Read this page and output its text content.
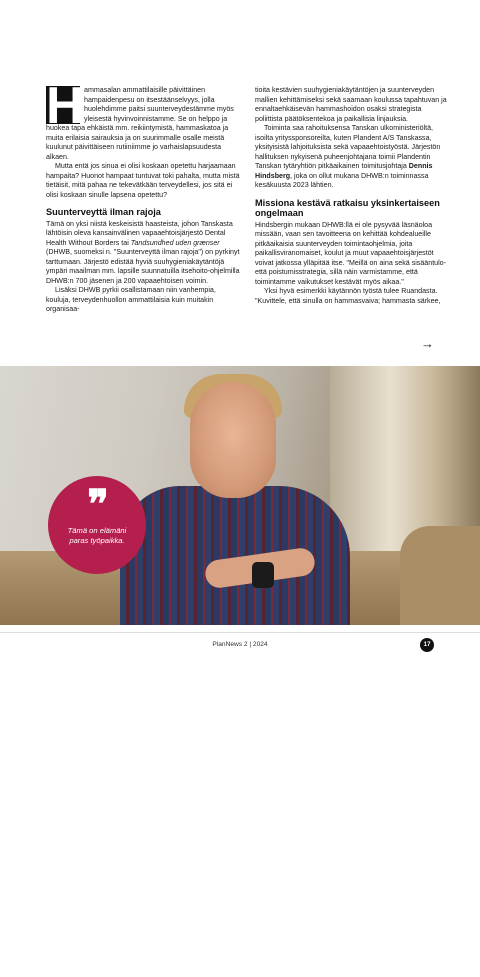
H ammasalan ammattilaisille päivittäinen hampaidenpesu on itsestäänselvyys, jolla huolehdimme paitsi suunterveydestämme myös yleisestä hyvinvoinnistamme. Se on helppo ja huokea tapa ehkäistä mm. reikiintymistä, hammaskatoa ja muita erilaisia sairauksia ja on suurimmalle osalle meistä kuulunut päivittäiseen rutiiniimme jo varhaislapsuudesta alkaen.

Mutta entä jos sinua ei olisi koskaan opetettu harjaamaan hampaita? Huonot hampaat tuntuvat toki pahalta, mutta mistä tietäisit, mitä pahaa ne tekevätkään terveydellesi, jos sitä ei olisi koskaan sinulle lapsena opetettu?

Suunterveyttä ilman rajoja

Tämä on yksi niistä keskeisistä haasteista, johon Tanskasta lähtöisin oleva kansainvälinen vapaaehtoisjärjestö Dental Health Without Borders tai Tandsundhed uden grænser (DHWB, suomeksi n. "Suunterveyttä ilman rajoja") on pyrkinyt tarttumaan. Järjestö edistää hyviä suuhygieniakäytäntöjä ympäri maailman mm. lapsille suunnatuilla itsehoito-ohjelmilla DHWB:n 700 jäsenen ja 200 vapaaehtoisen voimin.

Lisäksi DHWB pyrkii osallistamaan niin vanhempia, kouluja, terveydenhuollon ammattilaisia kuin muitakin organisaa-

tioita kestävien suuhygieniakäytäntöjen ja suunterveyden mallien kehittämiseksi sekä saamaan koulussa tapahtuvan ja ennaltaehkäisevän hammashoidon osaksi strategista poliittista päätöksentekoa ja paikallisia linjauksia.

Toiminta saa rahoituksensa Tanskan ulkoministeriöltä, isoilta yrityssponsoreilta, kuten Plandent A/S Tanskassa, yksityisistä lahjoituksista sekä vapaaehtoistyöstä. Järjestön hallituksen nykyisenä puheenjohtajana toimii Plandentin Tanskan tytäryhtiön pitkäaikainen toimitusjohtaja Dennis Hindsberg, joka on ollut mukana DHWB:n toiminnassa kesäkuusta 2023 lähtien.

Missiona kestävä ratkaisu yksinkertaiseen ongelmaan

Hindsbergin mukaan DHWB:llä ei ole pysyvää läsnäoloa missään, vaan sen tavoitteena on kehittää kohdealueille pitkäaikaisia suunterveyden toimintaohjelmia, joita paikallisviranomaiset, koulut ja muut vapaaehtoisjärjestöt voivat jatkossa ylläpitää itse. "Meillä on aina sekä sisääntulo- että poistumisstrategia, sillä näin varmistamme, että toimintamme vaikutukset kestävät myös aikaa."

Yksi hyvä esimerkki käytännön työstä tulee Ruandasta. "Kuvittele, että sinulla on hammasvaiva; hammasta särkee,

→
Plandent A/S:n toimitusjohtaja Dennis Hindsberg.
❞
Tämä on elämäni paras työpaikka.
PlanNews 2 | 2024	17
